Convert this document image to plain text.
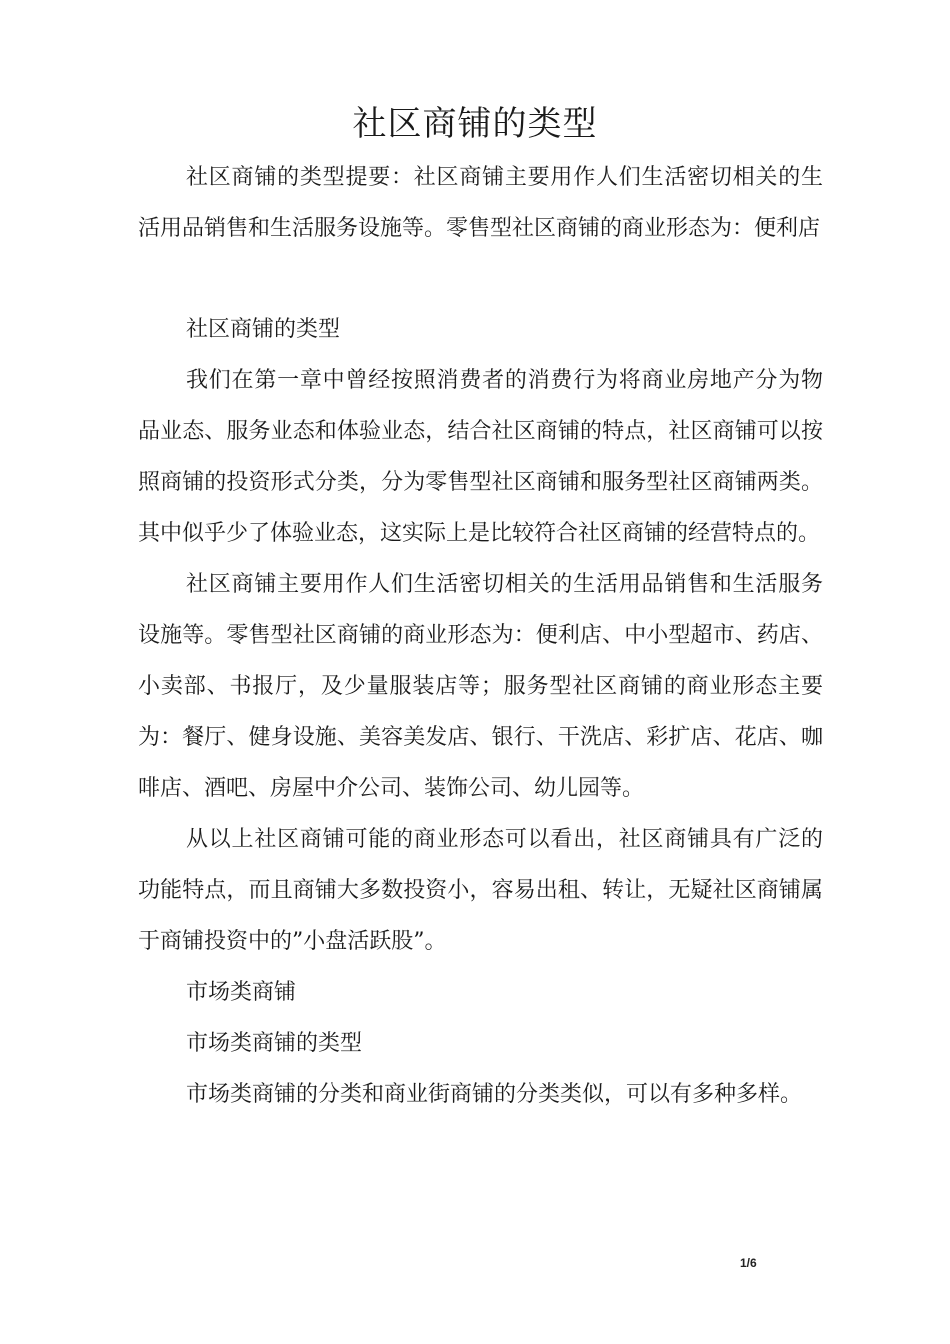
社区商铺的类型

社区商铺的类型提要：社区商铺主要用作人们生活密切相关的生活用品销售和生活服务设施等。零售型社区商铺的商业形态为：便利店

社区商铺的类型

我们在第一章中曾经按照消费者的消费行为将商业房地产分为物品业态、服务业态和体验业态，结合社区商铺的特点，社区商铺可以按照商铺的投资形式分类，分为零售型社区商铺和服务型社区商铺两类。其中似乎少了体验业态，这实际上是比较符合社区商铺的经营特点的。

社区商铺主要用作人们生活密切相关的生活用品销售和生活服务设施等。零售型社区商铺的商业形态为：便利店、中小型超市、药店、小卖部、书报厅，及少量服装店等；服务型社区商铺的商业形态主要为：餐厅、健身设施、美容美发店、银行、干洗店、彩扩店、花店、咖啡店、酒吧、房屋中介公司、装饰公司、幼儿园等。

从以上社区商铺可能的商业形态可以看出，社区商铺具有广泛的功能特点，而且商铺大多数投资小，容易出租、转让，无疑社区商铺属于商铺投资中的”小盘活跃股”。

市场类商铺

市场类商铺的类型

市场类商铺的分类和商业街商铺的分类类似，可以有多种多样。

1/6
